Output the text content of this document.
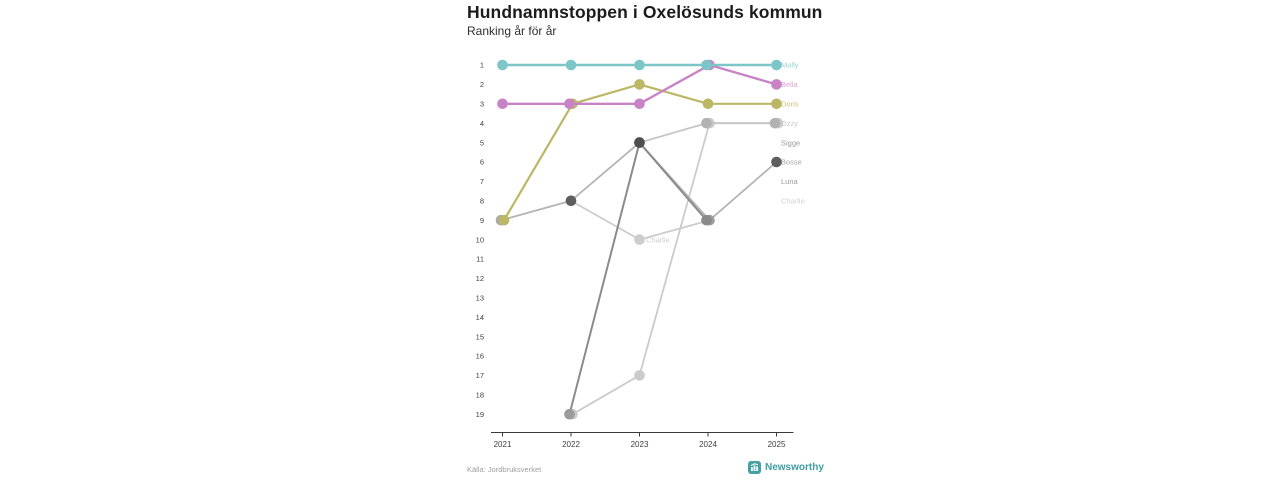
Hundnamnstoppen i Oxelösunds kommun

Ranking år för år

1
2
3
4
5
6
7
8
9
10
11
12
13
14
15
16
17
18
19
2021	2022	2023	2024	2025
Charlie
Molly
Bella
Doris
Ozzy
Sigge
Bosse
Luna
Charlie

Källa: Jordbruksverket	Newsworthy
